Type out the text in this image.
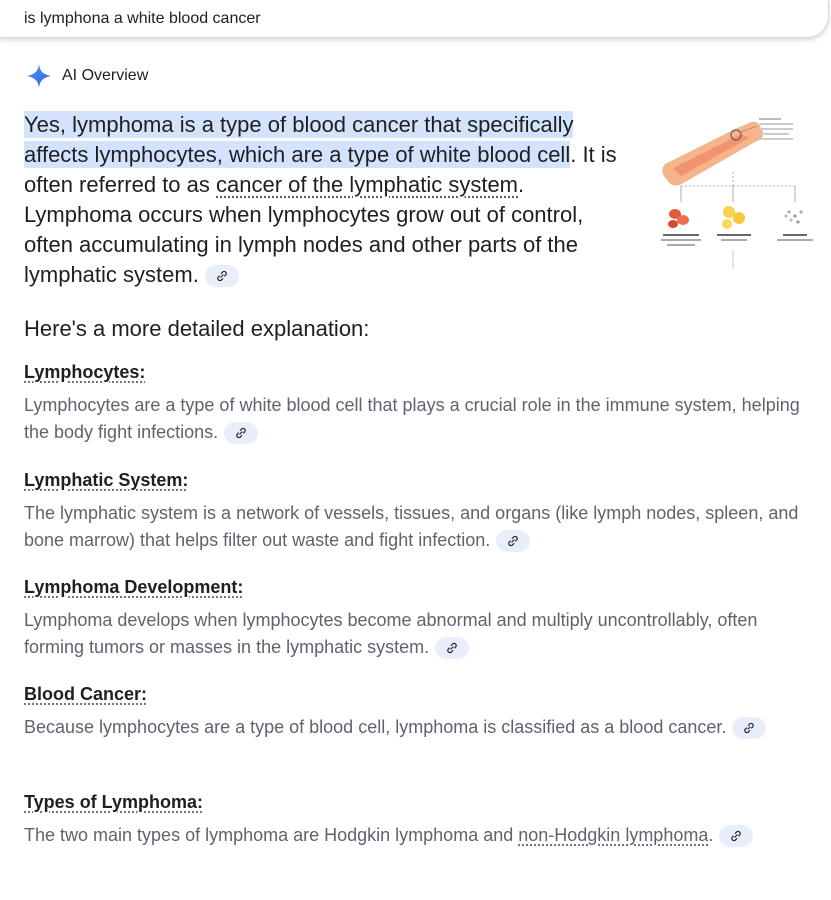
is lymphona a white blood cancer
AI Overview
Yes, lymphoma is a type of blood cancer that specifically affects lymphocytes, which are a type of white blood cell. It is often referred to as cancer of the lymphatic system. Lymphoma occurs when lymphocytes grow out of control, often accumulating in lymph nodes and other parts of the lymphatic system.
Here's a more detailed explanation:
Lymphocytes:
Lymphocytes are a type of white blood cell that plays a crucial role in the immune system, helping the body fight infections.
Lymphatic System:
The lymphatic system is a network of vessels, tissues, and organs (like lymph nodes, spleen, and bone marrow) that helps filter out waste and fight infection.
Lymphoma Development:
Lymphoma develops when lymphocytes become abnormal and multiply uncontrollably, often forming tumors or masses in the lymphatic system.
Blood Cancer:
Because lymphocytes are a type of blood cell, lymphoma is classified as a blood cancer.
Types of Lymphoma:
The two main types of lymphoma are Hodgkin lymphoma and non-Hodgkin lymphoma.
